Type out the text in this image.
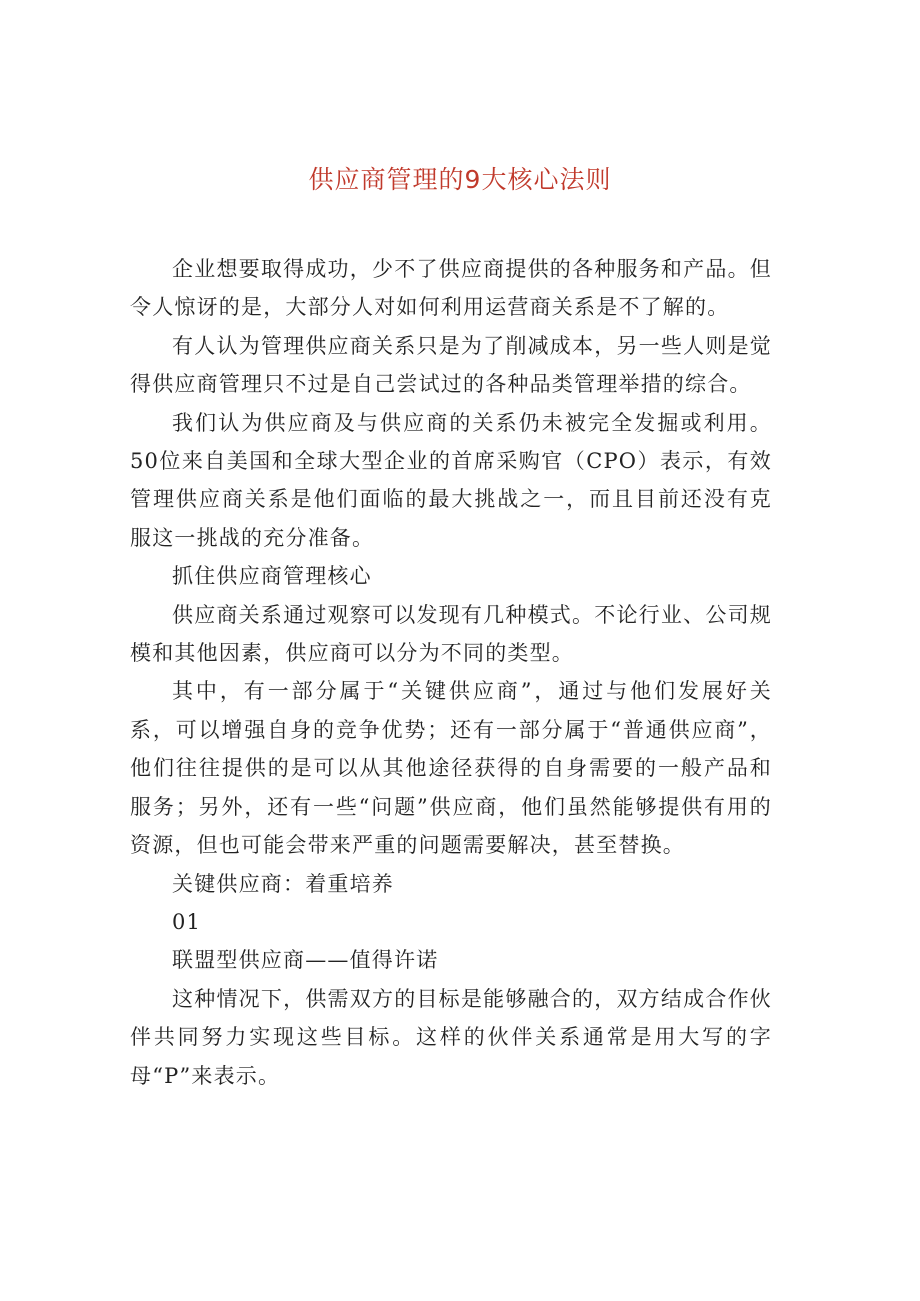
供应商管理的9大核心法则

企业想要取得成功，少不了供应商提供的各种服务和产品。但令人惊讶的是，大部分人对如何利用运营商关系是不了解的。

有人认为管理供应商关系只是为了削减成本，另一些人则是觉得供应商管理只不过是自己尝试过的各种品类管理举措的综合。

我们认为供应商及与供应商的关系仍未被完全发掘或利用。50位来自美国和全球大型企业的首席采购官（CPO）表示，有效管理供应商关系是他们面临的最大挑战之一，而且目前还没有克服这一挑战的充分准备。

抓住供应商管理核心

供应商关系通过观察可以发现有几种模式。不论行业、公司规模和其他因素，供应商可以分为不同的类型。

其中，有一部分属于“关键供应商”，通过与他们发展好关系，可以增强自身的竞争优势；还有一部分属于“普通供应商”，他们往往提供的是可以从其他途径获得的自身需要的一般产品和服务；另外，还有一些“问题”供应商，他们虽然能够提供有用的资源，但也可能会带来严重的问题需要解决，甚至替换。

关键供应商：着重培养

01

联盟型供应商——值得许诺

这种情况下，供需双方的目标是能够融合的，双方结成合作伙伴共同努力实现这些目标。这样的伙伴关系通常是用大写的字母“P”来表示。
